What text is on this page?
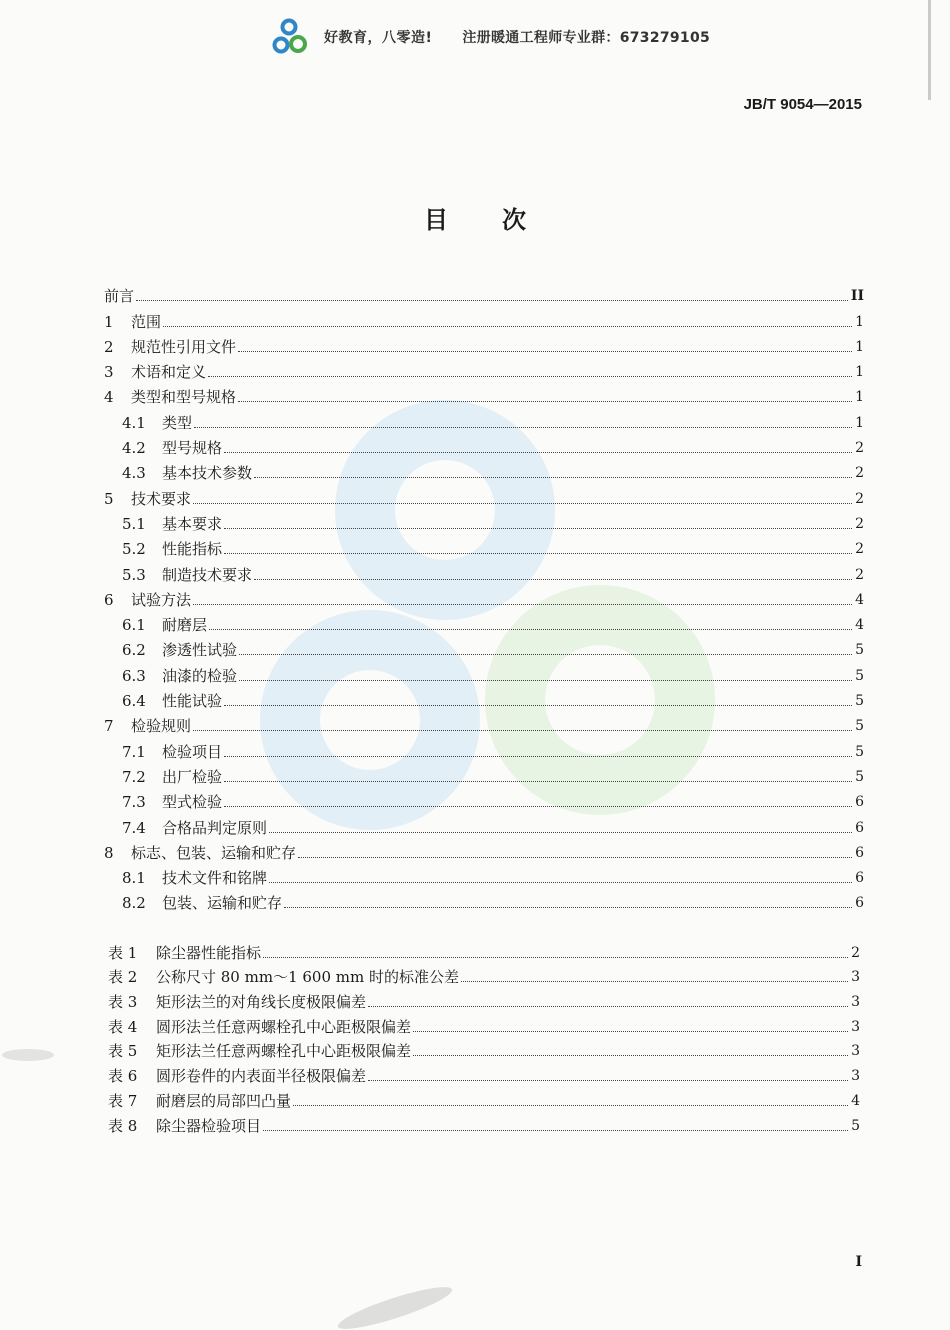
好教育，八零造! 注册暖通工程师专业群：673279105
JB/T 9054—2015
目次
前言	II
1	范围	1
2	规范性引用文件	1
3	术语和定义	1
4	类型和型号规格	1
4.1	类型	1
4.2	型号规格	2
4.3	基本技术参数	2
5	技术要求	2
5.1	基本要求	2
5.2	性能指标	2
5.3	制造技术要求	2
6	试验方法	4
6.1	耐磨层	4
6.2	渗透性试验	5
6.3	油漆的检验	5
6.4	性能试验	5
7	检验规则	5
7.1	检验项目	5
7.2	出厂检验	5
7.3	型式检验	6
7.4	合格品判定原则	6
8	标志、包装、运输和贮存	6
8.1	技术文件和铭牌	6
8.2	包装、运输和贮存	6
表 1	除尘器性能指标	2
表 2	公称尺寸 80 mm～1 600 mm 时的标准公差	3
表 3	矩形法兰的对角线长度极限偏差	3
表 4	圆形法兰任意两螺栓孔中心距极限偏差	3
表 5	矩形法兰任意两螺栓孔中心距极限偏差	3
表 6	圆形卷件的内表面半径极限偏差	3
表 7	耐磨层的局部凹凸量	4
表 8	除尘器检验项目	5
I
